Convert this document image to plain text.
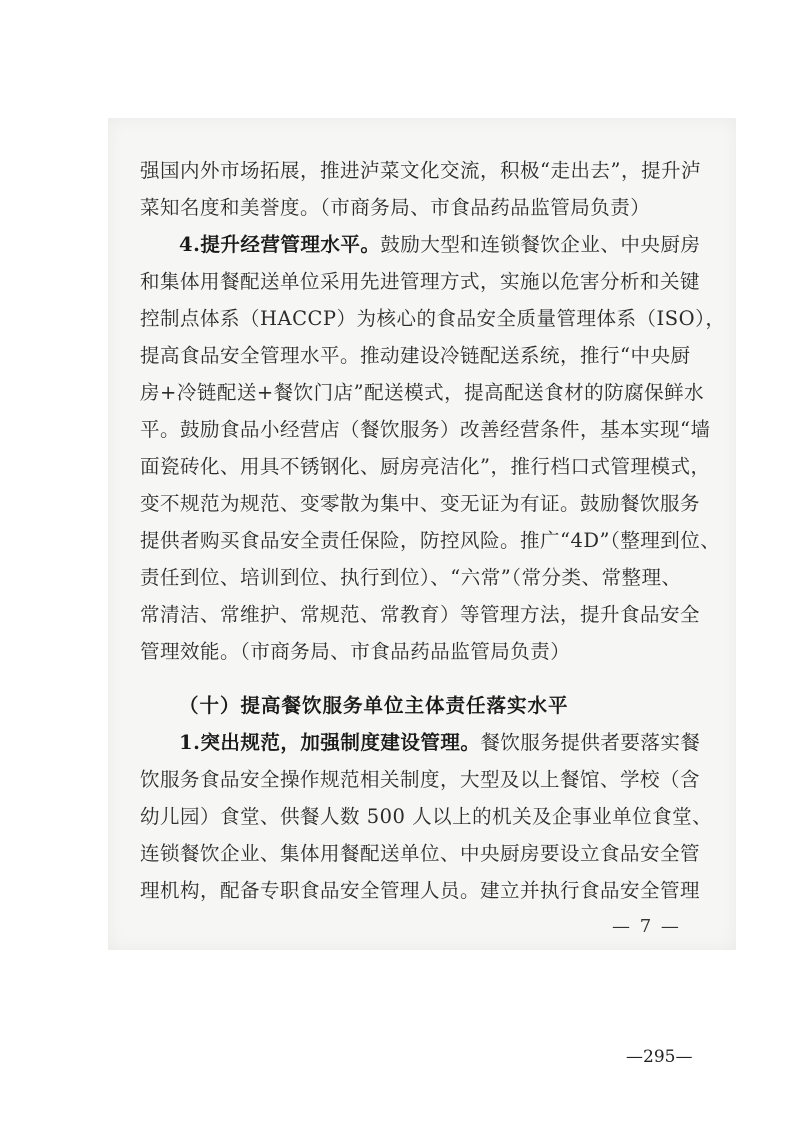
强国内外市场拓展，推进泸菜文化交流，积极“走出去”，提升泸
菜知名度和美誉度。（市商务局、市食品药品监管局负责）
4.提升经营管理水平。鼓励大型和连锁餐饮企业、中央厨房
和集体用餐配送单位采用先进管理方式，实施以危害分析和关键
控制点体系（HACCP）为核心的食品安全质量管理体系（ISO），
提高食品安全管理水平。推动建设冷链配送系统，推行“中央厨
房+冷链配送+餐饮门店”配送模式，提高配送食材的防腐保鲜水
平。鼓励食品小经营店（餐饮服务）改善经营条件，基本实现“墙
面瓷砖化、用具不锈钢化、厨房亮洁化”，推行档口式管理模式，
变不规范为规范、变零散为集中、变无证为有证。鼓励餐饮服务
提供者购买食品安全责任保险，防控风险。推广“4D”（整理到位、
责任到位、培训到位、执行到位）、“六常”（常分类、常整理、
常清洁、常维护、常规范、常教育）等管理方法，提升食品安全
管理效能。（市商务局、市食品药品监管局负责）
（十）提高餐饮服务单位主体责任落实水平
1.突出规范，加强制度建设管理。餐饮服务提供者要落实餐
饮服务食品安全操作规范相关制度，大型及以上餐馆、学校（含
幼儿园）食堂、供餐人数 500 人以上的机关及企事业单位食堂、
连锁餐饮企业、集体用餐配送单位、中央厨房要设立食品安全管
理机构，配备专职食品安全管理人员。建立并执行食品安全管理
— 7 —
—295—
